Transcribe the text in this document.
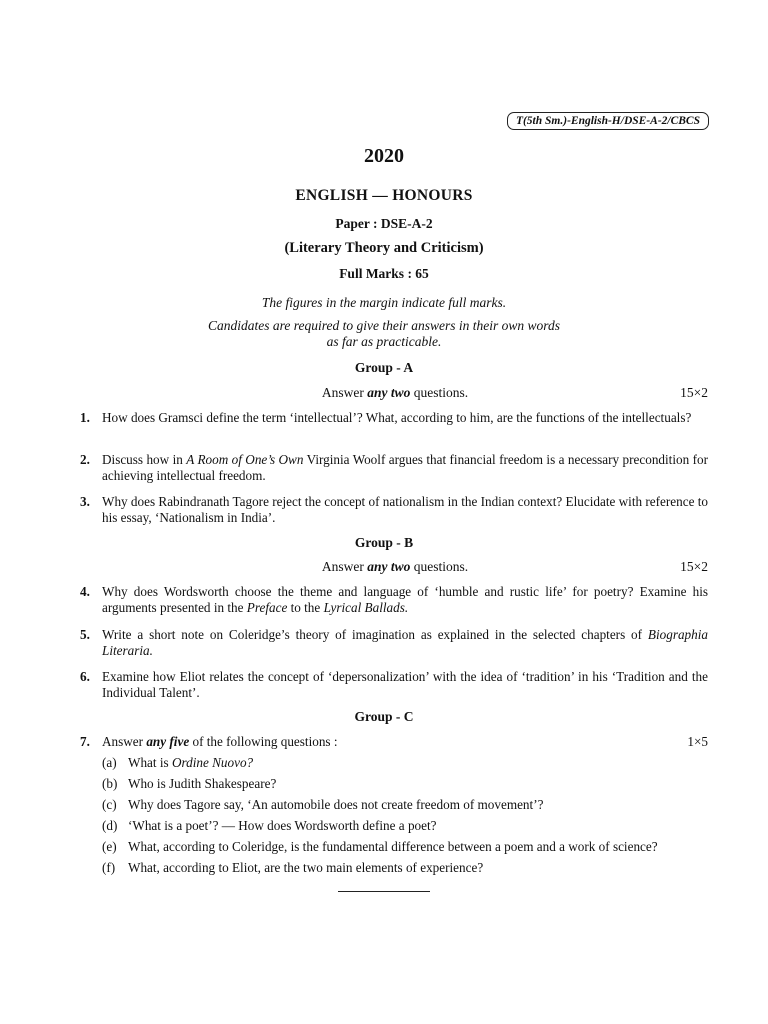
T(5th Sm.)-English-H/DSE-A-2/CBCS
2020
ENGLISH — HONOURS
Paper : DSE-A-2
(Literary Theory and Criticism)
Full Marks : 65
The figures in the margin indicate full marks.
Candidates are required to give their answers in their own words
as far as practicable.
Group - A
Answer any two questions.	15×2
1. How does Gramsci define the term ‘intellectual’? What, according to him, are the functions of the intellectuals?
2. Discuss how in A Room of One’s Own Virginia Woolf argues that financial freedom is a necessary precondition for achieving intellectual freedom.
3. Why does Rabindranath Tagore reject the concept of nationalism in the Indian context? Elucidate with reference to his essay, ‘Nationalism in India’.
Group - B
Answer any two questions.	15×2
4. Why does Wordsworth choose the theme and language of ‘humble and rustic life’ for poetry? Examine his arguments presented in the Preface to the Lyrical Ballads.
5. Write a short note on Coleridge’s theory of imagination as explained in the selected chapters of Biographia Literaria.
6. Examine how Eliot relates the concept of ‘depersonalization’ with the idea of ‘tradition’ in his ‘Tradition and the Individual Talent’.
Group - C
7. Answer any five of the following questions :	1×5
(a) What is Ordine Nuovo?
(b) Who is Judith Shakespeare?
(c) Why does Tagore say, ‘An automobile does not create freedom of movement’?
(d) ‘What is a poet’? — How does Wordsworth define a poet?
(e) What, according to Coleridge, is the fundamental difference between a poem and a work of science?
(f) What, according to Eliot, are the two main elements of experience?
